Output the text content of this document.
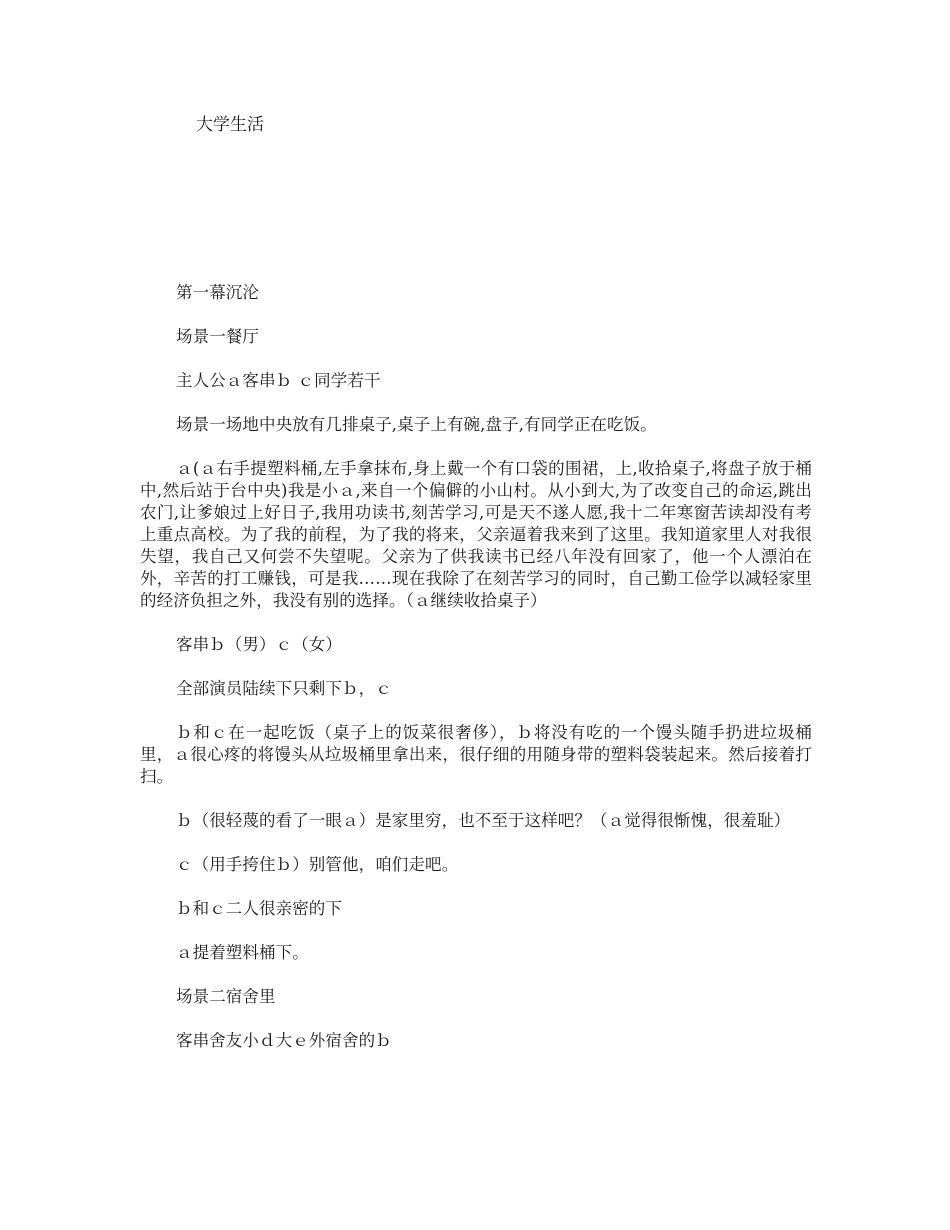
大学生活

第一幕沉沦

场景一餐厅

主人公ａ客串ｂ ｃ同学若干

场景一场地中央放有几排桌子,桌子上有碗,盘子,有同学正在吃饭。

ａ(ａ右手提塑料桶,左手拿抹布,身上戴一个有口袋的围裙，上,收拾桌子,将盘子放于桶中,然后站于台中央)我是小ａ,来自一个偏僻的小山村。从小到大,为了改变自己的命运,跳出农门,让爹娘过上好日子,我用功读书,刻苦学习,可是天不遂人愿,我十二年寒窗苦读却没有考上重点高校。为了我的前程，为了我的将来，父亲逼着我来到了这里。我知道家里人对我很失望，我自己又何尝不失望呢。父亲为了供我读书已经八年没有回家了，他一个人漂泊在外，辛苦的打工赚钱，可是我……现在我除了在刻苦学习的同时，自己勤工俭学以减轻家里的经济负担之外，我没有别的选择。（ａ继续收拾桌子）

客串ｂ（男）ｃ（女）

全部演员陆续下只剩下ｂ，ｃ

ｂ和ｃ在一起吃饭（桌子上的饭菜很奢侈），ｂ将没有吃的一个馒头随手扔进垃圾桶里，ａ很心疼的将馒头从垃圾桶里拿出来，很仔细的用随身带的塑料袋装起来。然后接着打扫。

ｂ（很轻蔑的看了一眼ａ）是家里穷，也不至于这样吧？（ａ觉得很惭愧，很羞耻）

ｃ（用手挎住ｂ）别管他，咱们走吧。

ｂ和ｃ二人很亲密的下

ａ提着塑料桶下。

场景二宿舍里

客串舍友小ｄ大ｅ外宿舍的ｂ
